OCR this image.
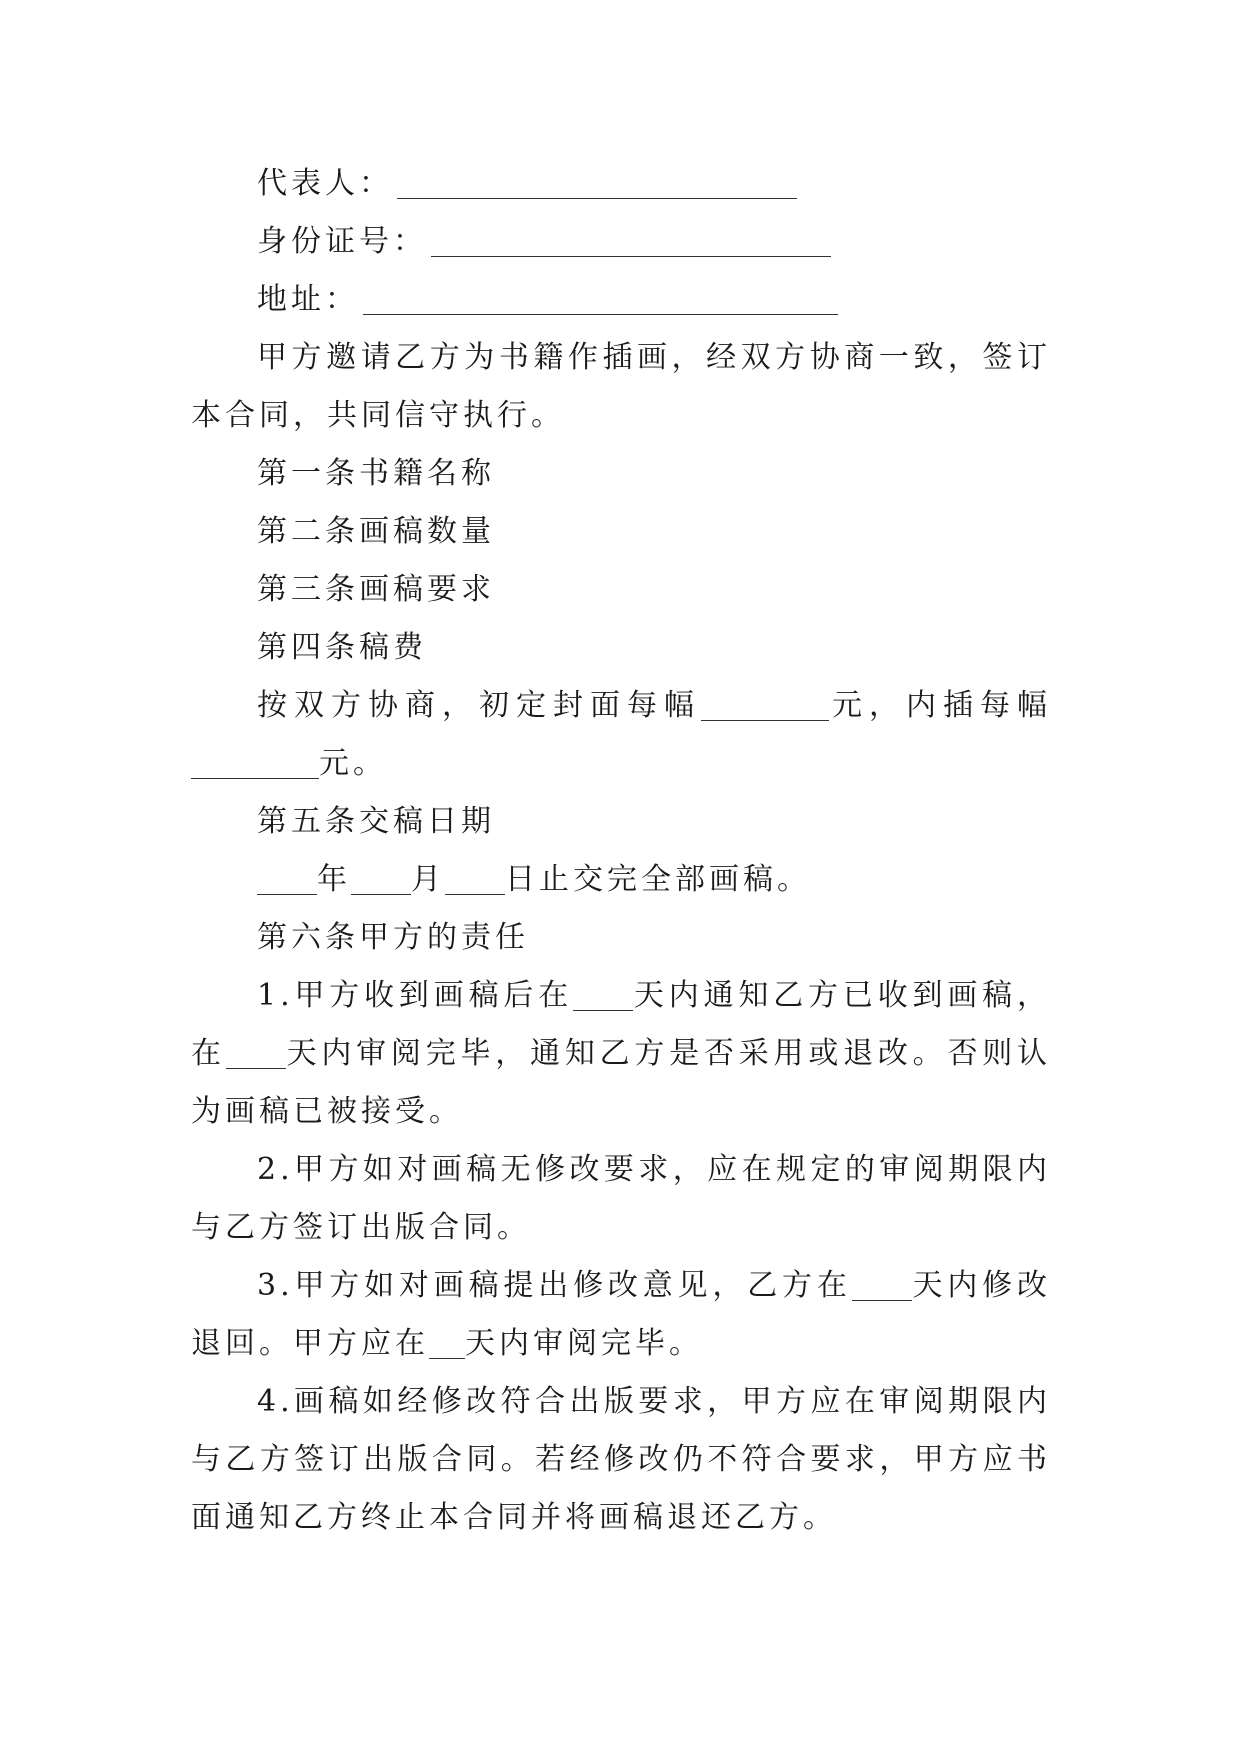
代表人：

身份证号：

地址：

甲方邀请乙方为书籍作插画，经双方协商一致，签订本合同，共同信守执行。

第一条书籍名称

第二条画稿数量

第三条画稿要求

第四条稿费

按双方协商，初定封面每幅	元，内插每幅元。

第五条交稿日期

年 月 日止交完全部画稿。

第六条甲方的责任

1.甲方收到画稿后在 天内通知乙方已收到画稿，在 天内审阅完毕，通知乙方是否采用或退改。否则认为画稿已被接受。

2.甲方如对画稿无修改要求，应在规定的审阅期限内与乙方签订出版合同。

3.甲方如对画稿提出修改意见，乙方在 天内修改退回。甲方应在 天内审阅完毕。

4.画稿如经修改符合出版要求，甲方应在审阅期限内与乙方签订出版合同。若经修改仍不符合要求，甲方应书面通知乙方终止本合同并将画稿退还乙方。
